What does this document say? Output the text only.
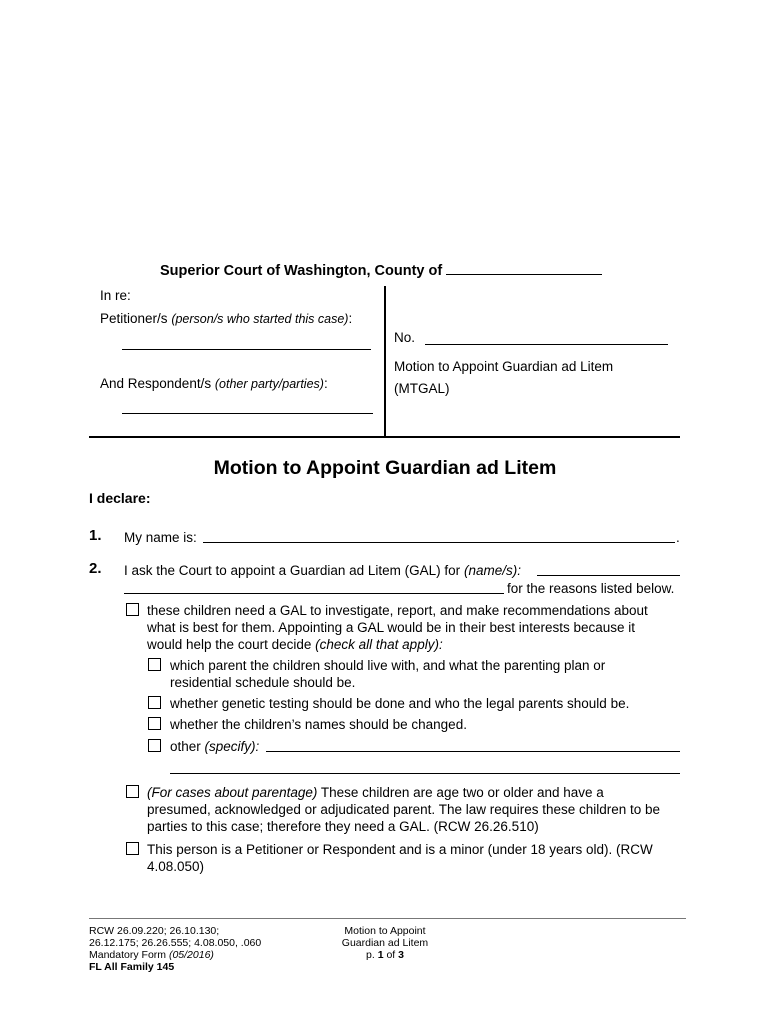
Superior Court of Washington, County of
In re:
Petitioner/s (person/s who started this case):
And Respondent/s (other party/parties):
No.
Motion to Appoint Guardian ad Litem
(MTGAL)
Motion to Appoint Guardian ad Litem
I declare:
1. My name is:	.
2. I ask the Court to appoint a Guardian ad Litem (GAL) for (name/s):
for the reasons listed below.
these children need a GAL to investigate, report, and make recommendations about
what is best for them. Appointing a GAL would be in their best interests because it
would help the court decide (check all that apply):
which parent the children should live with, and what the parenting plan or
residential schedule should be.
whether genetic testing should be done and who the legal parents should be.
whether the children’s names should be changed.
other (specify):
(For cases about parentage) These children are age two or older and have a
presumed, acknowledged or adjudicated parent. The law requires these children to be
parties to this case; therefore they need a GAL. (RCW 26.26.510)
This person is a Petitioner or Respondent and is a minor (under 18 years old). (RCW
4.08.050)
RCW 26.09.220; 26.10.130;
26.12.175; 26.26.555; 4.08.050, .060
Mandatory Form (05/2016)
FL All Family 145
Motion to Appoint
Guardian ad Litem
p. 1 of 3
